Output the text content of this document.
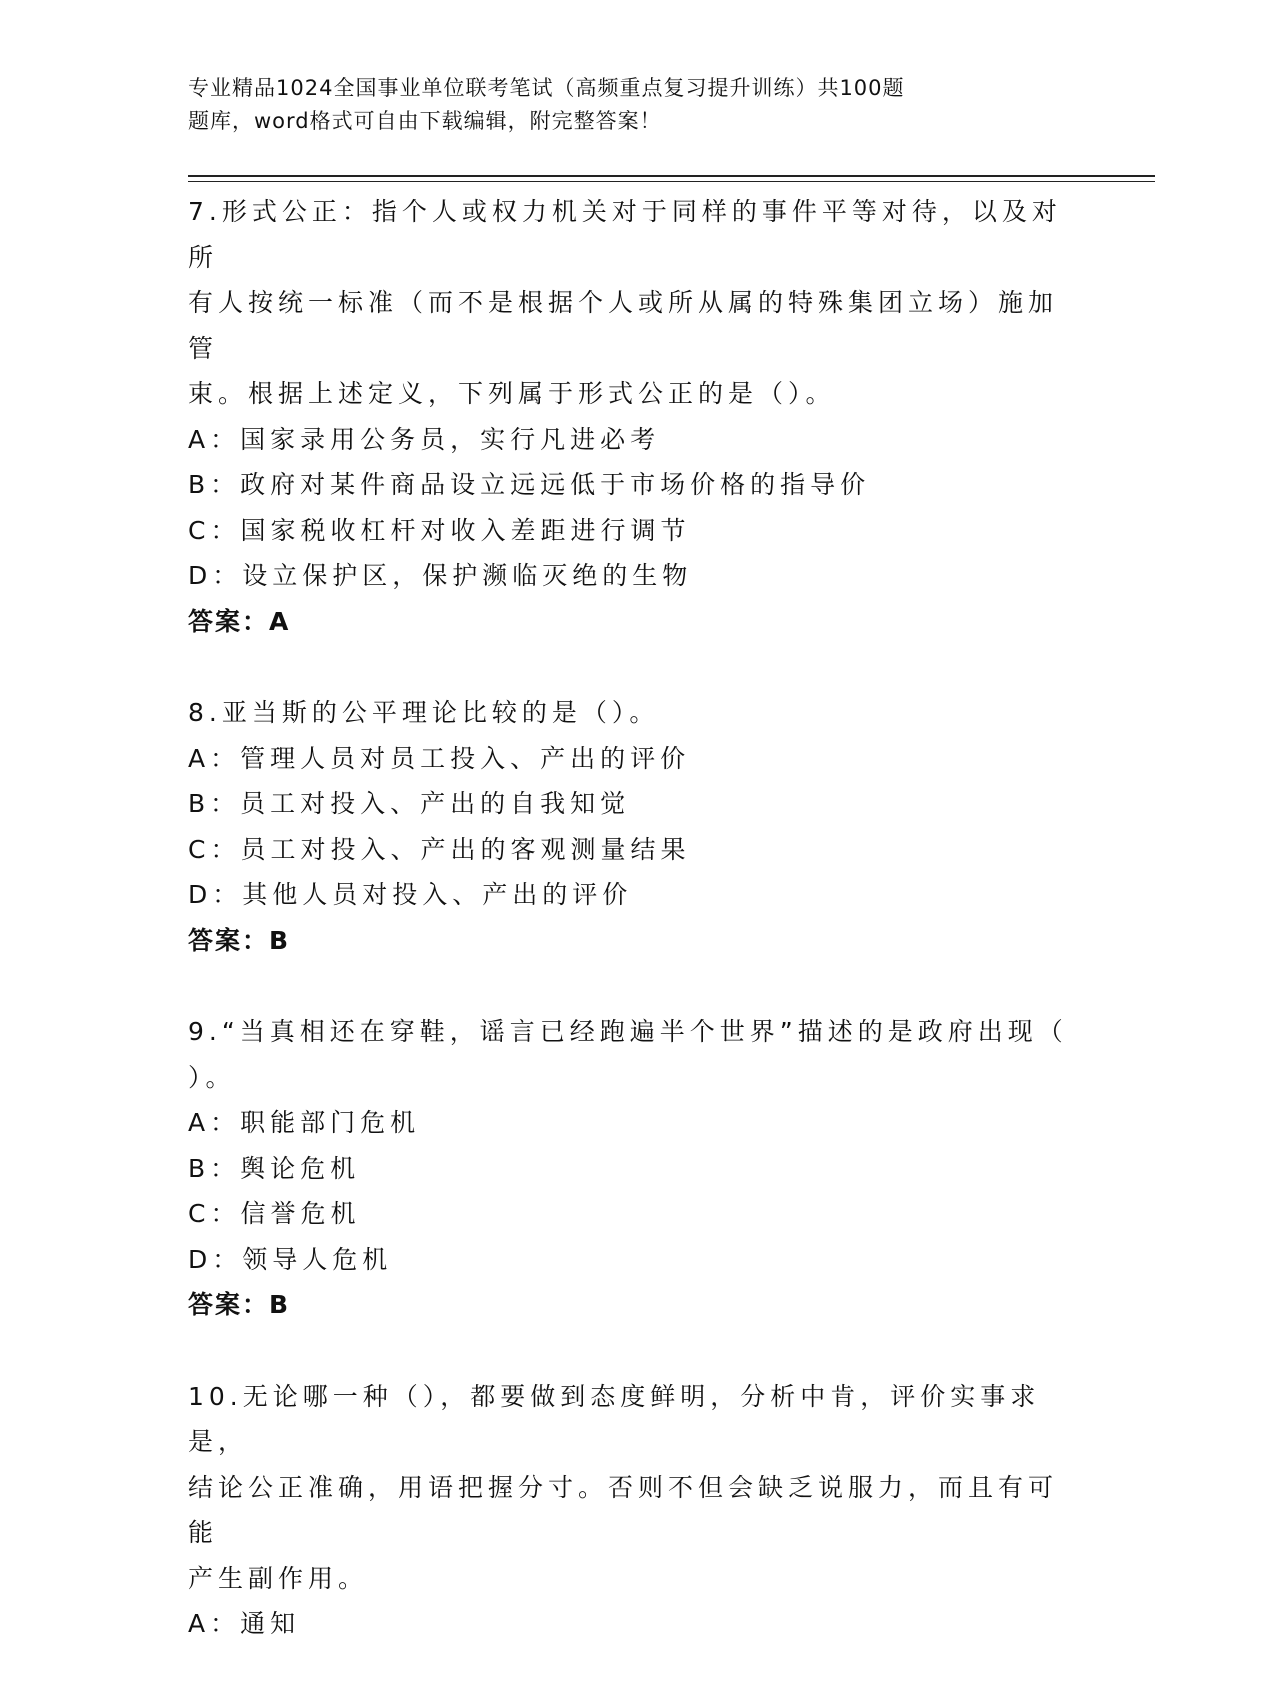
专业精品1024全国事业单位联考笔试（高频重点复习提升训练）共100题
题库，word格式可自由下载编辑，附完整答案！
7.形式公正：指个人或权力机关对于同样的事件平等对待，以及对所
有人按统一标准（而不是根据个人或所从属的特殊集团立场）施加管
束。根据上述定义，下列属于形式公正的是（）。
A：国家录用公务员，实行凡进必考
B：政府对某件商品设立远远低于市场价格的指导价
C：国家税收杠杆对收入差距进行调节
D：设立保护区，保护濒临灭绝的生物
答案：A
8.亚当斯的公平理论比较的是（）。
A：管理人员对员工投入、产出的评价
B：员工对投入、产出的自我知觉
C：员工对投入、产出的客观测量结果
D：其他人员对投入、产出的评价
答案：B
9.“当真相还在穿鞋，谣言已经跑遍半个世界”描述的是政府出现（
）。
A：职能部门危机
B：舆论危机
C：信誉危机
D：领导人危机
答案：B
10.无论哪一种（），都要做到态度鲜明，分析中肯，评价实事求是，
结论公正准确，用语把握分寸。否则不但会缺乏说服力，而且有可能
产生副作用。
A：通知
